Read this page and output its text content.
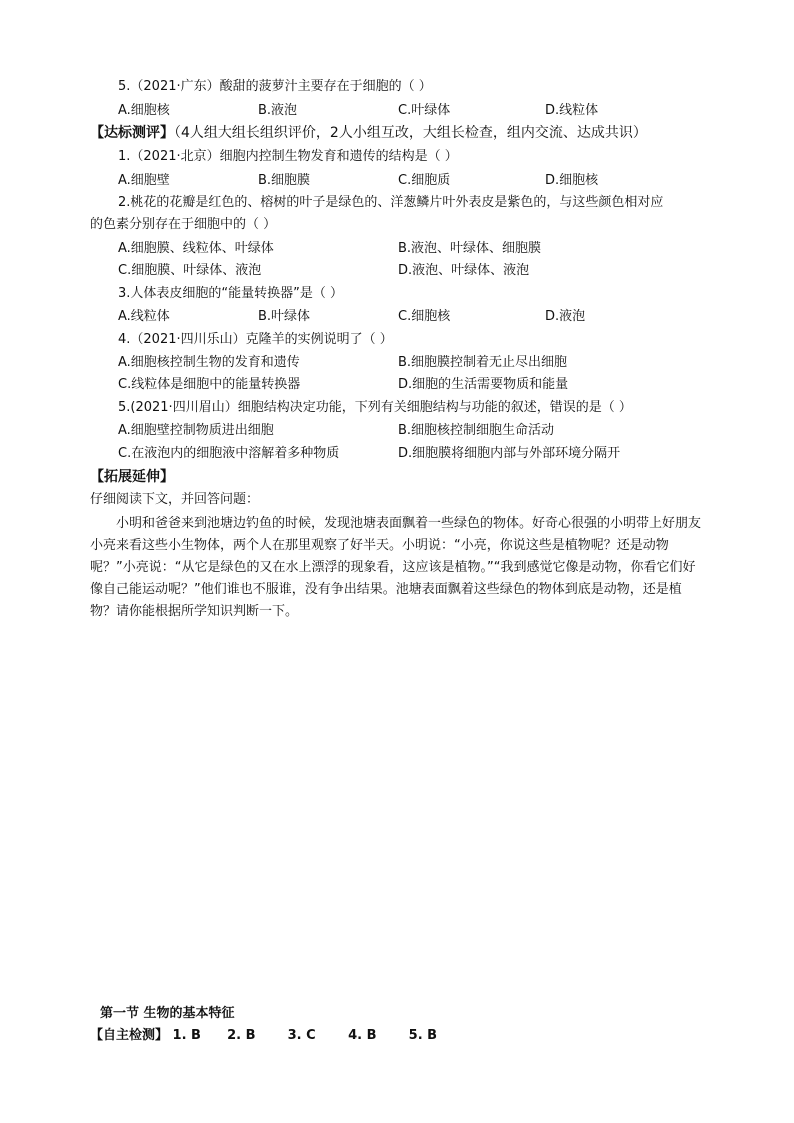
5.（2021·广东）酸甜的菠萝汁主要存在于细胞的（ ）
A.细胞核	B.液泡	C.叶绿体	D.线粒体
【达标测评】（4人组大组长组织评价，2人小组互改，大组长检查，组内交流、达成共识）
1.（2021·北京）细胞内控制生物发育和遗传的结构是（ ）
A.细胞壁	B.细胞膜	C.细胞质	D.细胞核
2.桃花的花瓣是红色的、榕树的叶子是绿色的、洋葱鳞片叶外表皮是紫色的，与这些颜色相对应
的色素分别存在于细胞中的（ ）
A.细胞膜、线粒体、叶绿体	B.液泡、叶绿体、细胞膜
C.细胞膜、叶绿体、液泡	D.液泡、叶绿体、液泡
3.人体表皮细胞的“能量转换器”是（ ）
A.线粒体	B.叶绿体	C.细胞核	D.液泡
4.（2021·四川乐山）克隆羊的实例说明了（ ）
A.细胞核控制生物的发育和遗传	B.细胞膜控制着无止尽出细胞
C.线粒体是细胞中的能量转换器	D.细胞的生活需要物质和能量
5.(2021·四川眉山）细胞结构决定功能，下列有关细胞结构与功能的叙述，错误的是（ ）
A.细胞壁控制物质进出细胞	B.细胞核控制细胞生命活动
C.在液泡内的细胞液中溶解着多种物质	D.细胞膜将细胞内部与外部环境分隔开
【拓展延伸】
仔细阅读下文，并回答问题：
小明和爸爸来到池塘边钓鱼的时候，发现池塘表面飘着一些绿色的物体。好奇心很强的小明带上好朋友小亮来看这些小生物体，两个人在那里观察了好半天。小明说：“小亮，你说这些是植物呢？还是动物呢？”小亮说：“从它是绿色的又在水上漂浮的现象看，这应该是植物。”“我到感觉它像是动物，你看它们好像自己能运动呢？”他们谁也不服谁，没有争出结果。池塘表面飘着这些绿色的物体到底是动物，还是植物？请你能根据所学知识判断一下。
第一节 生物的基本特征
【自主检测】 1. B 2. B 3. C 4. B 5. B
